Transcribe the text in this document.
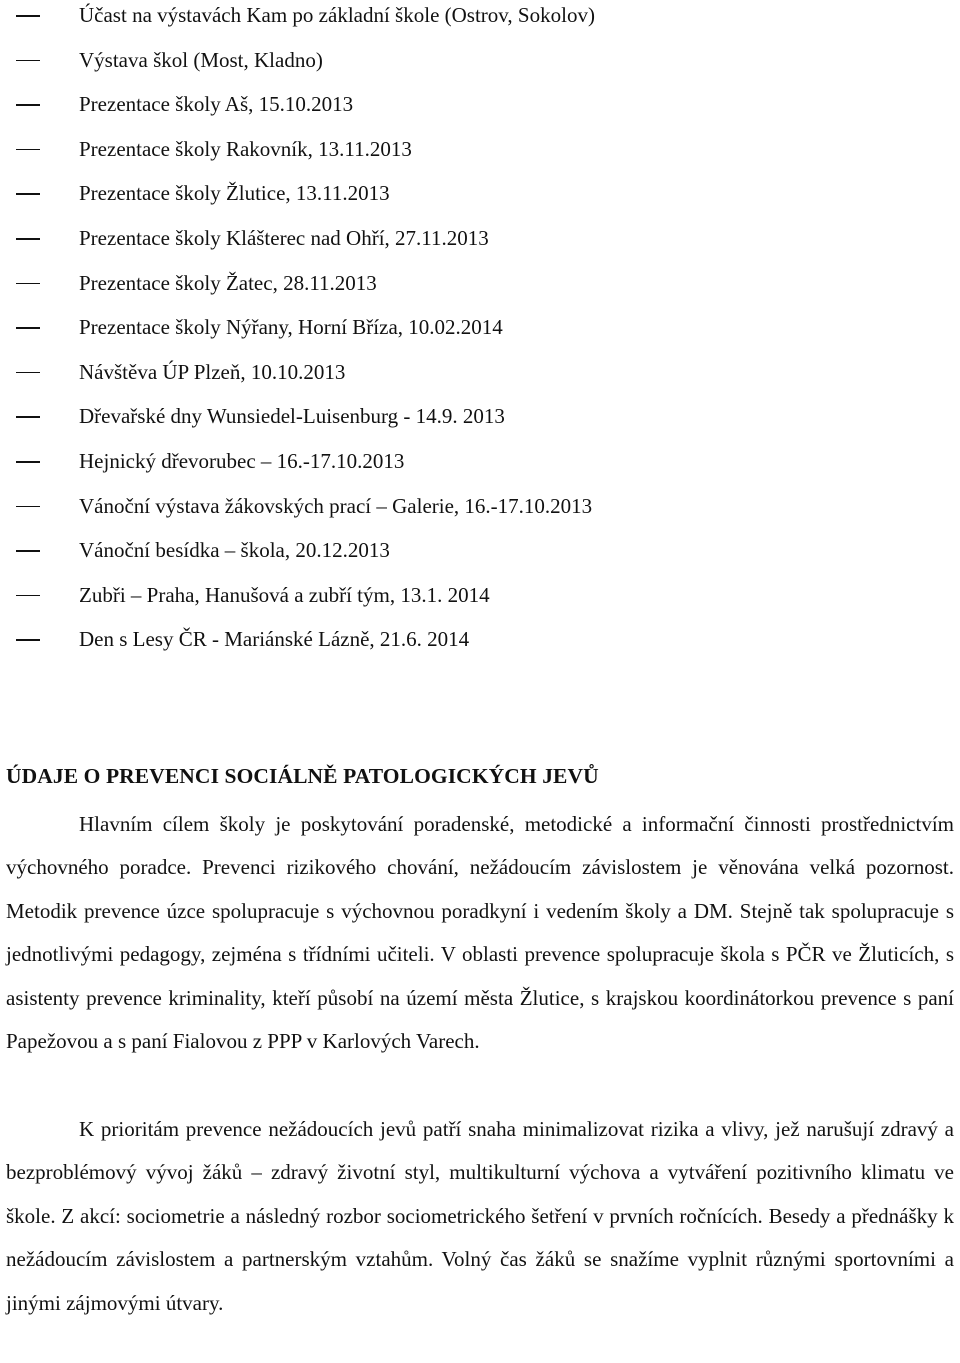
Účast na výstavách Kam po základní škole (Ostrov, Sokolov)
Výstava škol (Most, Kladno)
Prezentace školy Aš, 15.10.2013
Prezentace školy Rakovník, 13.11.2013
Prezentace školy Žlutice, 13.11.2013
Prezentace školy Klášterec nad Ohří, 27.11.2013
Prezentace školy Žatec, 28.11.2013
Prezentace školy Nýřany, Horní Bříza, 10.02.2014
Návštěva ÚP Plzeň, 10.10.2013
Dřevařské dny Wunsiedel-Luisenburg - 14.9. 2013
Hejnický dřevorubec – 16.-17.10.2013
Vánoční výstava žákovských prací – Galerie, 16.-17.10.2013
Vánoční besídka – škola, 20.12.2013
Zubři – Praha, Hanušová a zubří tým, 13.1. 2014
Den s Lesy ČR - Mariánské Lázně, 21.6. 2014
ÚDAJE O PREVENCI SOCIÁLNĚ PATOLOGICKÝCH JEVŮ

Hlavním cílem školy je poskytování poradenské, metodické a informační činnosti prostřednictvím výchovného poradce. Prevenci rizikového chování, nežádoucím závislostem je věnována velká pozornost. Metodik prevence úzce spolupracuje s výchovnou poradkyní i vedením školy a DM. Stejně tak spolupracuje s jednotlivými pedagogy, zejména s třídními učiteli. V oblasti prevence spolupracuje škola s PČR ve Žluticích, s asistenty prevence kriminality, kteří působí na území města Žlutice, s krajskou koordinátorkou prevence s paní Papežovou a s paní Fialovou z PPP v Karlových Varech.

K prioritám prevence nežádoucích jevů patří snaha minimalizovat rizika a vlivy, jež narušují zdravý a bezproblémový vývoj žáků – zdravý životní styl, multikulturní výchova a vytváření pozitivního klimatu ve škole. Z akcí: sociometrie a následný rozbor sociometrického šetření v prvních ročnících. Besedy a přednášky k nežádoucím závislostem a partnerským vztahům. Volný čas žáků se snažíme vyplnit různými sportovními a jinými zájmovými útvary.
